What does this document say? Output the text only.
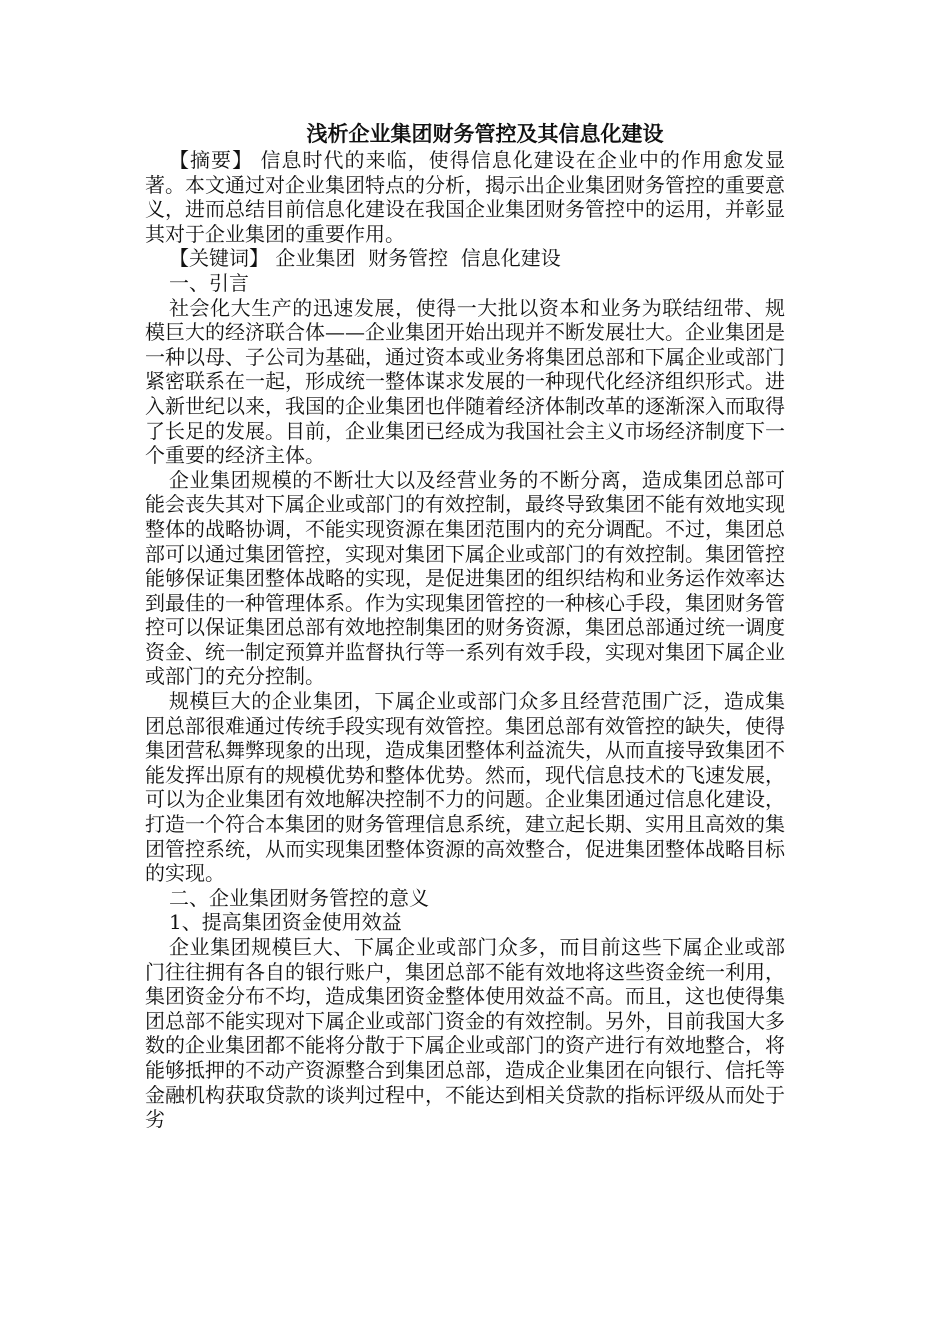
浅析企业集团财务管控及其信息化建设

【摘要】 信息时代的来临，使得信息化建设在企业中的作用愈发显著。本文通过对企业集团特点的分析，揭示出企业集团财务管控的重要意义，进而总结目前信息化建设在我国企业集团财务管控中的运用，并彰显其对于企业集团的重要作用。

【关键词】 企业集团  财务管控  信息化建设

一、引言

社会化大生产的迅速发展，使得一大批以资本和业务为联结纽带、规模巨大的经济联合体——企业集团开始出现并不断发展壮大。企业集团是一种以母、子公司为基础，通过资本或业务将集团总部和下属企业或部门紧密联系在一起，形成统一整体谋求发展的一种现代化经济组织形式。进入新世纪以来，我国的企业集团也伴随着经济体制改革的逐渐深入而取得了长足的发展。目前，企业集团已经成为我国社会主义市场经济制度下一个重要的经济主体。

企业集团规模的不断壮大以及经营业务的不断分离，造成集团总部可能会丧失其对下属企业或部门的有效控制，最终导致集团不能有效地实现整体的战略协调，不能实现资源在集团范围内的充分调配。不过，集团总部可以通过集团管控，实现对集团下属企业或部门的有效控制。集团管控能够保证集团整体战略的实现，是促进集团的组织结构和业务运作效率达到最佳的一种管理体系。作为实现集团管控的一种核心手段，集团财务管控可以保证集团总部有效地控制集团的财务资源，集团总部通过统一调度资金、统一制定预算并监督执行等一系列有效手段，实现对集团下属企业或部门的充分控制。

规模巨大的企业集团，下属企业或部门众多且经营范围广泛，造成集团总部很难通过传统手段实现有效管控。集团总部有效管控的缺失，使得集团营私舞弊现象的出现，造成集团整体利益流失，从而直接导致集团不能发挥出原有的规模优势和整体优势。然而，现代信息技术的飞速发展，可以为企业集团有效地解决控制不力的问题。企业集团通过信息化建设，打造一个符合本集团的财务管理信息系统，建立起长期、实用且高效的集团管控系统，从而实现集团整体资源的高效整合，促进集团整体战略目标的实现。

二、企业集团财务管控的意义

1、提高集团资金使用效益

企业集团规模巨大、下属企业或部门众多，而目前这些下属企业或部门往往拥有各自的银行账户，集团总部不能有效地将这些资金统一利用，集团资金分布不均，造成集团资金整体使用效益不高。而且，这也使得集团总部不能实现对下属企业或部门资金的有效控制。另外，目前我国大多数的企业集团都不能将分散于下属企业或部门的资产进行有效地整合，将能够抵押的不动产资源整合到集团总部，造成企业集团在向银行、信托等金融机构获取贷款的谈判过程中，不能达到相关贷款的指标评级从而处于劣
